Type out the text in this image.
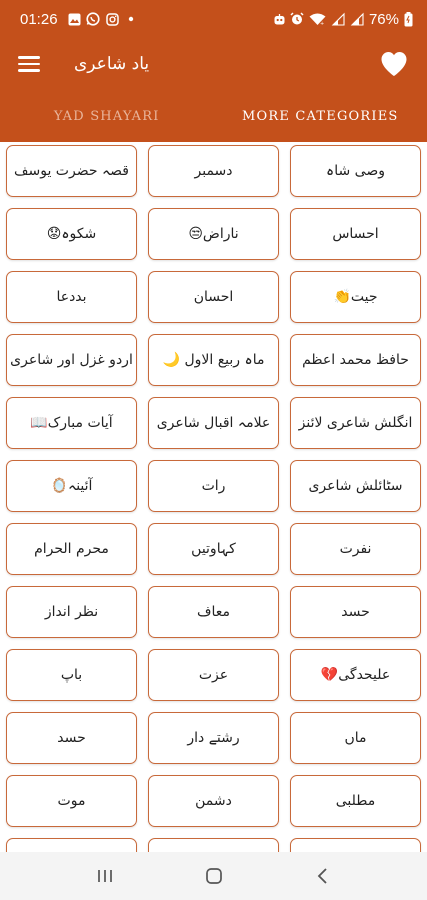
01:26	+	76%
یاد شاعری
YAD SHAYARI	MORE CATEGORIES
قصہ حضرت یوسف	دسمبر	وصی شاہ
شکوہ😟	ناراض😒	احساس
بددعا	احسان	جیت👏
اردو غزل اور شاعری	ماہ ربیع الاول 🌙	حافظ محمد اعظم
آیات مبارک📖	علامہ اقبال شاعری	انگلش شاعری لائنز
آئینہ🪞	رات	سٹائلش شاعری
محرم الحرام	کہاوتیں	نفرت
نظر انداز	معاف	حسد
باپ	عزت	علیحدگی💔
حسد	رشتے دار	ماں
موت	دشمن	مطلبی
